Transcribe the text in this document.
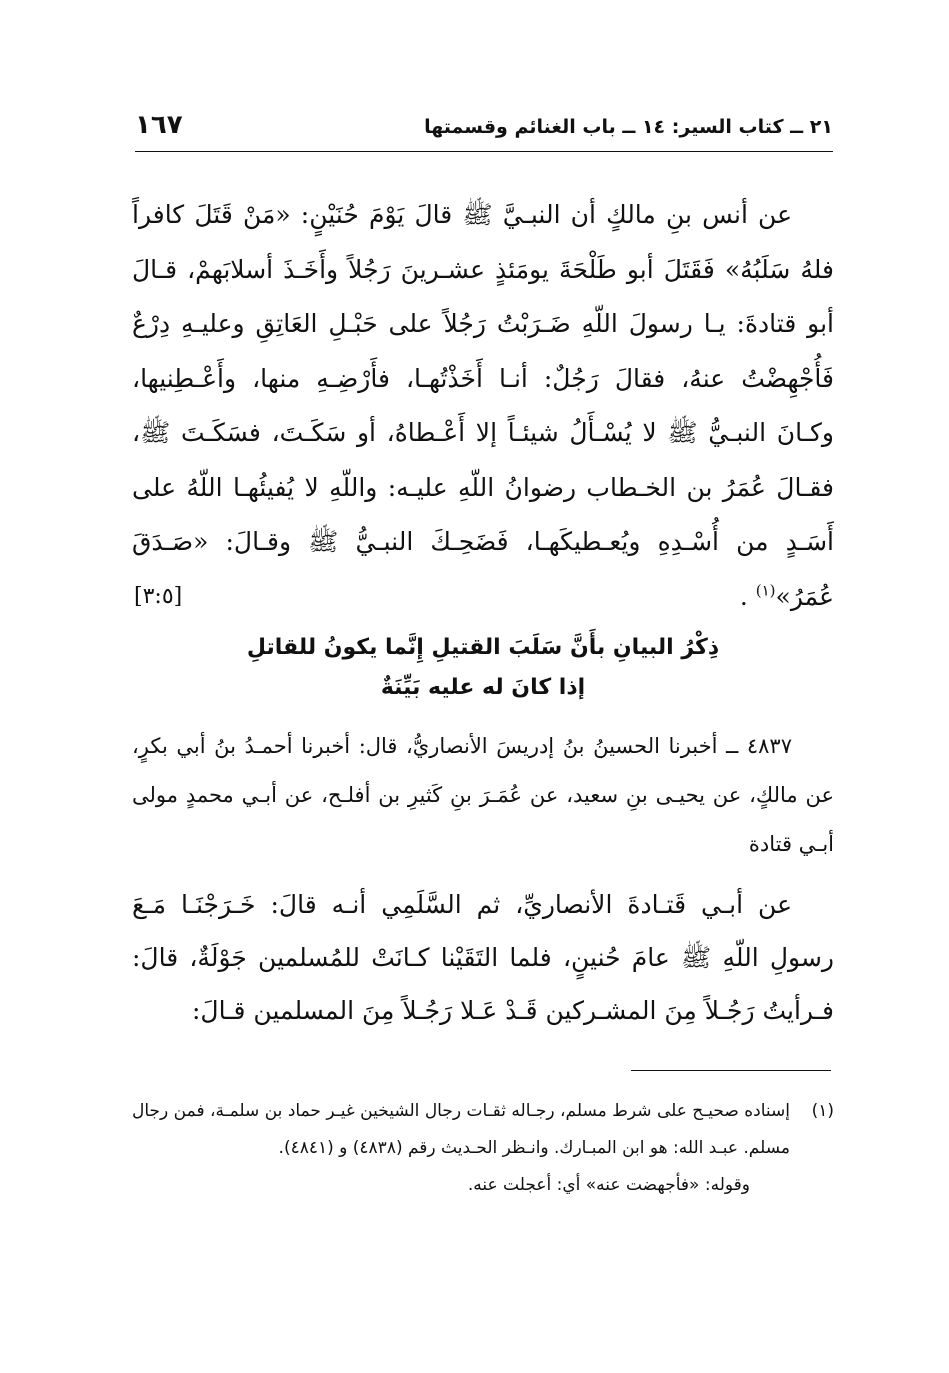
٢١ ــ كتاب السير: ١٤ ــ باب الغنائم وقسمتها
١٦٧
عن أنس بنِ مالكٍ أن النبـيَّ ﷺ قالَ يَوْمَ حُنَيْنٍ: «مَنْ قَتَلَ كافراً فلهُ سَلَبُهُ» فَقَتَلَ أبو طَلْحَةَ يومَئذٍ عشـرينَ رَجُلاً وأَخَـذَ أسلابَهمْ، قـالَ أبو قتادةَ: يـا رسولَ اللّهِ ضَـرَبْتُ رَجُلاً على حَبْـلِ العَاتِقِ وعليـهِ دِرْعٌ فَأُجْهِضْتُ عنهُ، فقالَ رَجُلٌ: أنـا أَخَذْتُهـا، فأَرْضِـهِ منها، وأَعْـطِنيها، وكـانَ النبـيُّ ﷺ لا يُسْـأَلُ شيئـاً إلا أَعْـطاهُ، أو سَكَـتَ، فسَكَـتَ ﷺ، فقـالَ عُمَرُ بن الخـطاب رضوانُ اللّهِ عليـه: واللّهِ لا يُفيئُهـا اللّهُ على أَسَـدٍ من أُسْـدِهِ ويُعـطيكَهـا، فَضَحِـكَ النبـيُّ ﷺ وقـالَ: «صَـدَقَ عُمَرُ»$^{(١)}$ .
[٣:٥]
ذِكْرُ البيانِ بأَنَّ سَلَبَ القتيلِ إِنَّما يكونُ للقاتلِ
إذا كانَ له عليه بَيِّنَةٌ
٤٨٣٧ ــ أخبرنا الحسينُ بنُ إدريسَ الأنصاريُّ، قال: أخبرنا أحمـدُ بنُ أبي بكرٍ، عن مالكٍ، عن يحيـى بنِ سعيد، عن عُمَـرَ بنِ كَثيرِ بن أفلـح، عن أبـي محمدٍ مولى أبـي قتادة
عن أبـي قَتـادةَ الأنصاريِّ، ثم السَّلَمِي أنـه قالَ: خَـرَجْنَـا مَـعَ رسولِ اللّهِ ﷺ عامَ حُنينٍ، فلما التَقَيْنا كـانَتْ للمُسلمين جَوْلَةٌ، قالَ: فـرأيتُ رَجُـلاً مِنَ المشـركين قَـدْ عَـلا رَجُـلاً مِنَ المسلمين قـالَ:
(١)
إسناده صحيـح على شرط مسلم، رجـاله ثقـات رجال الشيخين غيـر حماد بن سلمـة، فمن رجال مسلم. عبـد الله: هو ابن المبـارك. وانـظر الحـديث رقم (٤٨٣٨) و (٤٨٤١).
وقوله: «فأجهضت عنه» أي: أعجلت عنه.
